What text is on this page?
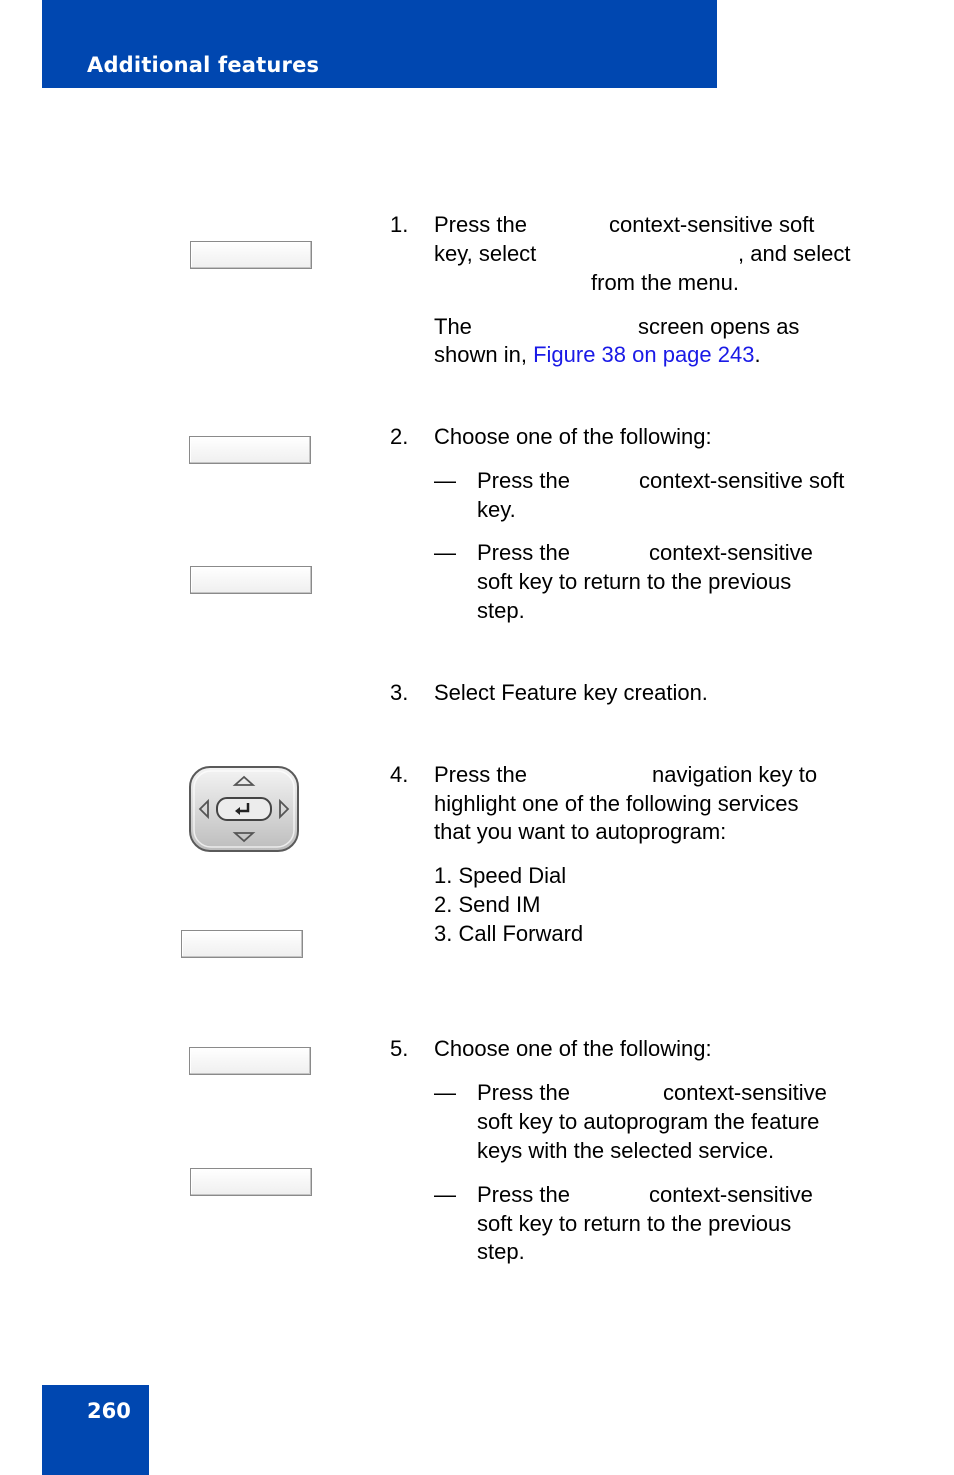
Additional features
1. Press the	context-sensitive soft
key, select	, and select
from the menu.
The	screen opens as
shown in, Figure 38 on page 243.
2. Choose one of the following:
— Press the	context-sensitive soft
key.
— Press the	context-sensitive
soft key to return to the previous
step.
3. Select Feature key creation.
4. Press the	navigation key to
highlight one of the following services
that you want to autoprogram:
1. Speed Dial
2. Send IM
3. Call Forward
5. Choose one of the following:
— Press the	context-sensitive
soft key to autoprogram the feature
keys with the selected service.
— Press the	context-sensitive
soft key to return to the previous
step.
260
